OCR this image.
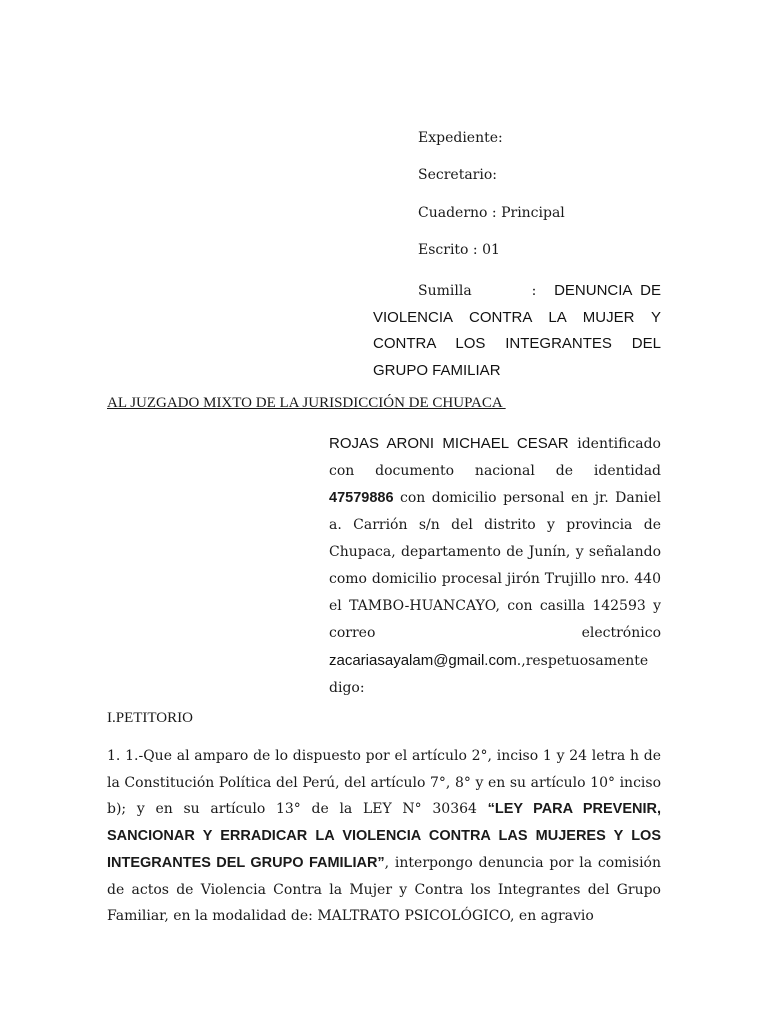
Expediente:
Secretario:
Cuaderno : Principal
Escrito : 01
Sumilla	: DENUNCIA DE VIOLENCIA CONTRA LA MUJER Y CONTRA LOS INTEGRANTES DEL GRUPO FAMILIAR
AL JUZGADO MIXTO DE LA JURISDICCIÓN DE CHUPACA
ROJAS ARONI MICHAEL CESAR identificado con documento nacional de identidad 47579886 con domicilio personal en jr. Daniel a. Carrión s/n del distrito y provincia de Chupaca, departamento de Junín, y señalando como domicilio procesal jirón Trujillo nro. 440 el TAMBO-HUANCAYO, con casilla 142593 y correo electrónico zacariasayalam@gmail.com.,respetuosamente digo:
I.PETITORIO
1. 1.-Que al amparo de lo dispuesto por el artículo 2°, inciso 1 y 24 letra h de la Constitución Política del Perú, del artículo 7°, 8° y en su artículo 10° inciso b); y en su artículo 13° de la LEY N° 30364 “LEY PARA PREVENIR, SANCIONAR Y ERRADICAR LA VIOLENCIA CONTRA LAS MUJERES Y LOS INTEGRANTES DEL GRUPO FAMILIAR”, interpongo denuncia por la comisión de actos de Violencia Contra la Mujer y Contra los Integrantes del Grupo Familiar, en la modalidad de: MALTRATO PSICOLÓGICO, en agravio
